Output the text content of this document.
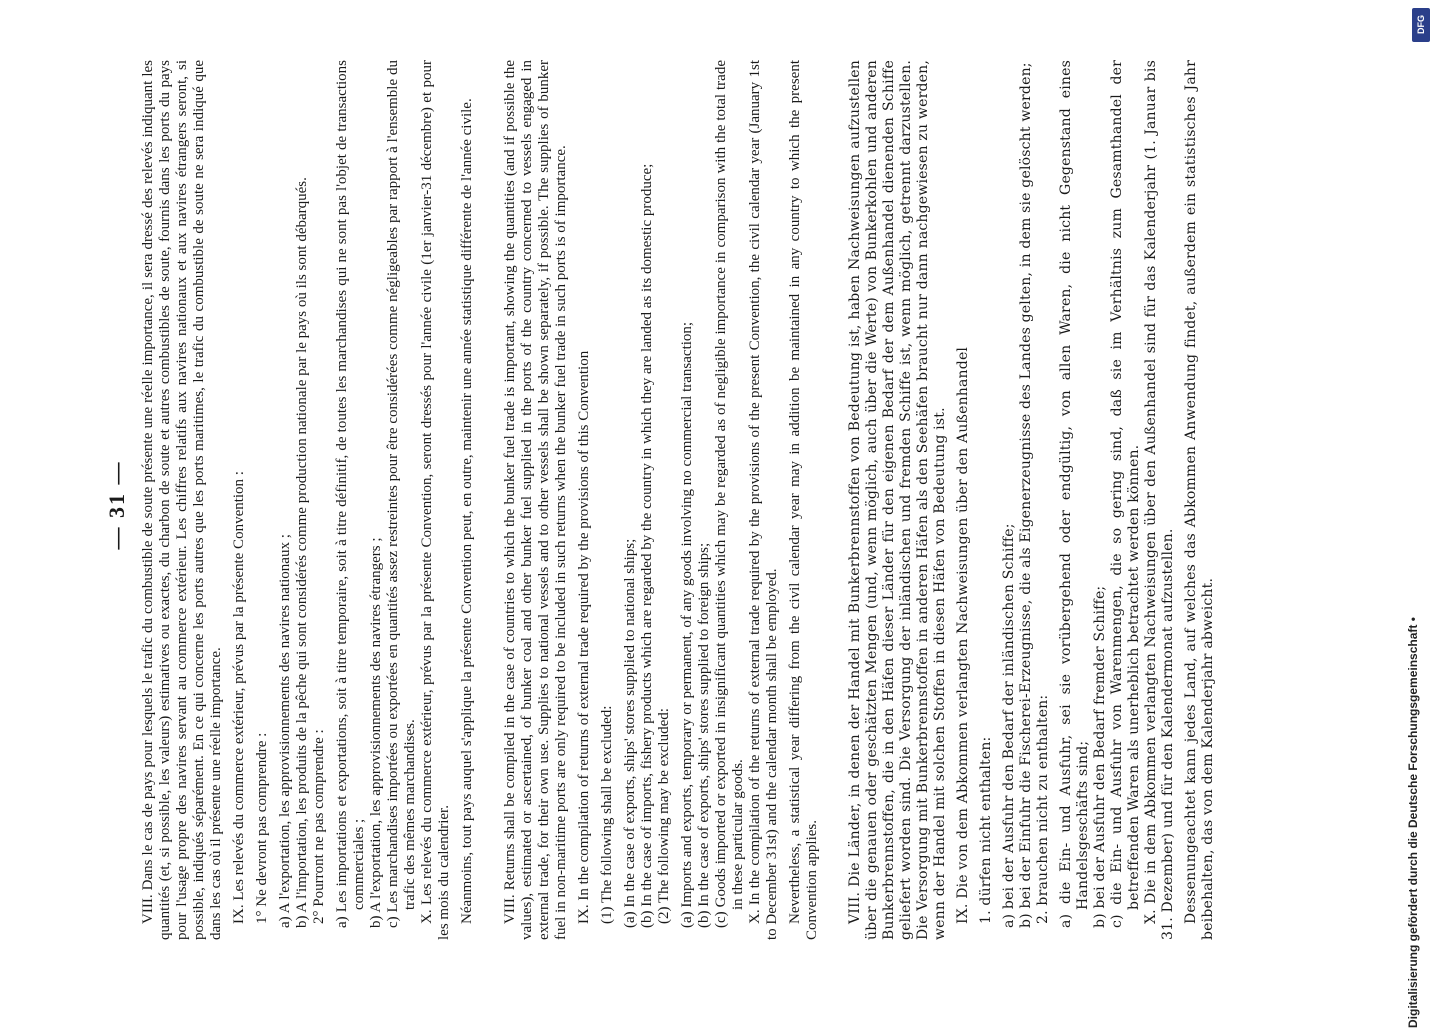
— 31 — VIII. Dans le cas de pays pour lesquels le trafic du combustible de soute présente une réelle importance, il sera dressé des relevés indiquant les quantités (et, si possible, les valeurs) estimatives ou exactes, du charbon de soute et autres combustibles de soute, fournis dans les ports du pays pour l'usage propre des navires servant au commerce extérieur. Les chiffres relatifs aux navires nationaux et aux navires étrangers seront, si possible, indiqués séparément. En ce qui concerne les ports autres que les ports maritimes, le trafic du combustible de soute ne sera indiqué que dans les cas où il présente une réelle importance. IX. Les relevés du commerce extérieur, prévus par la présente Convention : 1° Ne devront pas comprendre : a) A l'exportation, les approvisionnements des navires nationaux ; b) A l'importation, les produits de la pêche qui sont considérés comme production nationale par le pays où ils sont débarqués. 2° Pourront ne pas comprendre : a) Les importations et exportations, soit à titre temporaire, soit à titre définitif, de toutes les marchandises qui ne sont pas l'objet de transactions commerciales ; b) A l'exportation, les approvisionnements des navires étrangers ; c) Les marchandises importées ou exportées en quantités assez restreintes pour être considérées comme négligeables par rapport à l'ensemble du trafic des mêmes marchandises. X. Les relevés du commerce extérieur, prévus par la présente Convention, seront dressés pour l'année civile (1er janvier-31 décembre) et pour les mois du calendrier. Néanmoins, tout pays auquel s'applique la présente Convention peut, en outre, maintenir une année statistique différente de l'année civile. VIII. Returns shall be compiled in the case of countries to which the bunker fuel trade is important, showing the quantities (and if possible the values), estimated or ascertained, of bunker coal and other bunker fuel supplied in the ports of the country concerned to vessels engaged in external trade, for their own use. Supplies to national vessels and to other vessels shall be shown separately, if possible. The supplies of bunker fuel in non-maritime ports are only required to be included in such returns when the bunker fuel trade in such ports is of importance. IX. In the compilation of returns of external trade required by the provisions of this Convention (1) The following shall be excluded: (a) In the case of exports, ships' stores supplied to national ships; (b) In the case of imports, fishery products which are regarded by the country in which they are landed as its domestic produce; (2) The following may be excluded: (a) Imports and exports, temporary or permanent, of any goods involving no commercial transaction; (b) In the case of exports, ships' stores supplied to foreign ships; (c) Goods imported or exported in insignificant quantities which may be regarded as of negligible importance in comparison with the total trade in these particular goods. X. In the compilation of the returns of external trade required by the provisions of the present Convention, the civil calendar year (January 1st to December 31st) and the calendar month shall be employed. Nevertheless, a statistical year differing from the civil calendar year may in addition be maintained in any country to which the present Convention applies. VIII. Die Länder, in denen der Handel mit Bunkerbrennstoffen von Bedeutung ist, haben Nachweisungen aufzustellen über die genauen oder geschätzten Mengen (und, wenn möglich, auch über die Werte) von Bunkerkohlen und anderen Bunkerbrennstoffen, die in den Häfen dieser Länder für den eigenen Bedarf der dem Außenhandel dienenden Schiffe geliefert worden sind. Die Versorgung der inländischen und fremden Schiffe ist, wenn möglich, getrennt darzustellen. Die Versorgung mit Bunkerbrennstoffen in anderen Häfen als den Seehäfen braucht nur dann nachgewiesen zu werden, wenn der Handel mit solchen Stoffen in diesen Häfen von Bedeutung ist. IX. Die von dem Abkommen verlangten Nachweisungen über den Außenhandel 1. dürfen nicht enthalten: a) bei der Ausfuhr den Bedarf der inländischen Schiffe; b) bei der Einfuhr die Fischerei-Erzeugnisse, die als Eigenerzeugnisse des Landes gelten, in dem sie gelöscht werden; 2. brauchen nicht zu enthalten: a) die Ein- und Ausfuhr, sei sie vorübergehend oder endgültig, von allen Waren, die nicht Gegenstand eines Handelsgeschäfts sind; b) bei der Ausfuhr den Bedarf fremder Schiffe; c) die Ein- und Ausfuhr von Warenmengen, die so gering sind, daß sie im Verhältnis zum Gesamthandel der betreffenden Waren als unerheblich betrachtet werden können. X. Die in dem Abkommen verlangten Nachweisungen über den Außenhandel sind für das Kalenderjahr (1. Januar bis 31. Dezember) und für den Kalendermonat aufzustellen. Dessenungeachtet kann jedes Land, auf welches das Abkommen Anwendung findet, außerdem ein statistisches Jahr beibehalten, das von dem Kalenderjahr abweicht.

DFG
Digitalisierung gefördert durch die Deutsche Forschungsgemeinschaft •
